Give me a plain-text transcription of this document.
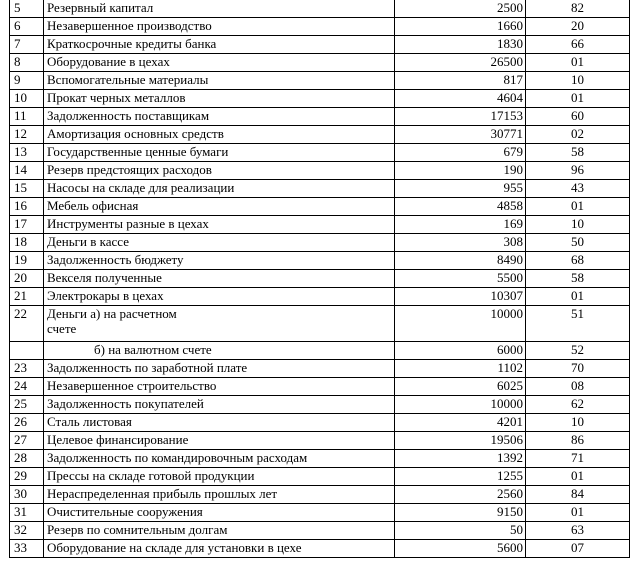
5	Резервный капитал	2500	82
6	Незавершенное производство	1660	20
7	Краткосрочные кредиты банка	1830	66
8	Оборудование в цехах	26500	01
9	Вспомогательные материалы	817	10
10	Прокат черных металлов	4604	01
11	Задолженность поставщикам	17153	60
12	Амортизация основных средств	30771	02
13	Государственные ценные бумаги	679	58
14	Резерв предстоящих расходов	190	96
15	Насосы на складе для реализации	955	43
16	Мебель офисная	4858	01
17	Инструменты разные в цехах	169	10
18	Деньги в кассе	308	50
19	Задолженность бюджету	8490	68
20	Векселя полученные	5500	58
21	Электрокары в цехах	10307	01
22	Деньги а) на расчетном счете	10000	51
	б) на валютном счете	6000	52
23	Задолженность по заработной плате	1102	70
24	Незавершенное строительство	6025	08
25	Задолженность покупателей	10000	62
26	Сталь листовая	4201	10
27	Целевое финансирование	19506	86
28	Задолженность по командировочным расходам	1392	71
29	Прессы на складе готовой продукции	1255	01
30	Нераспределенная прибыль прошлых лет	2560	84
31	Очистительные сооружения	9150	01
32	Резерв по сомнительным долгам	50	63
33	Оборудование на складе для установки в цехе	5600	07
